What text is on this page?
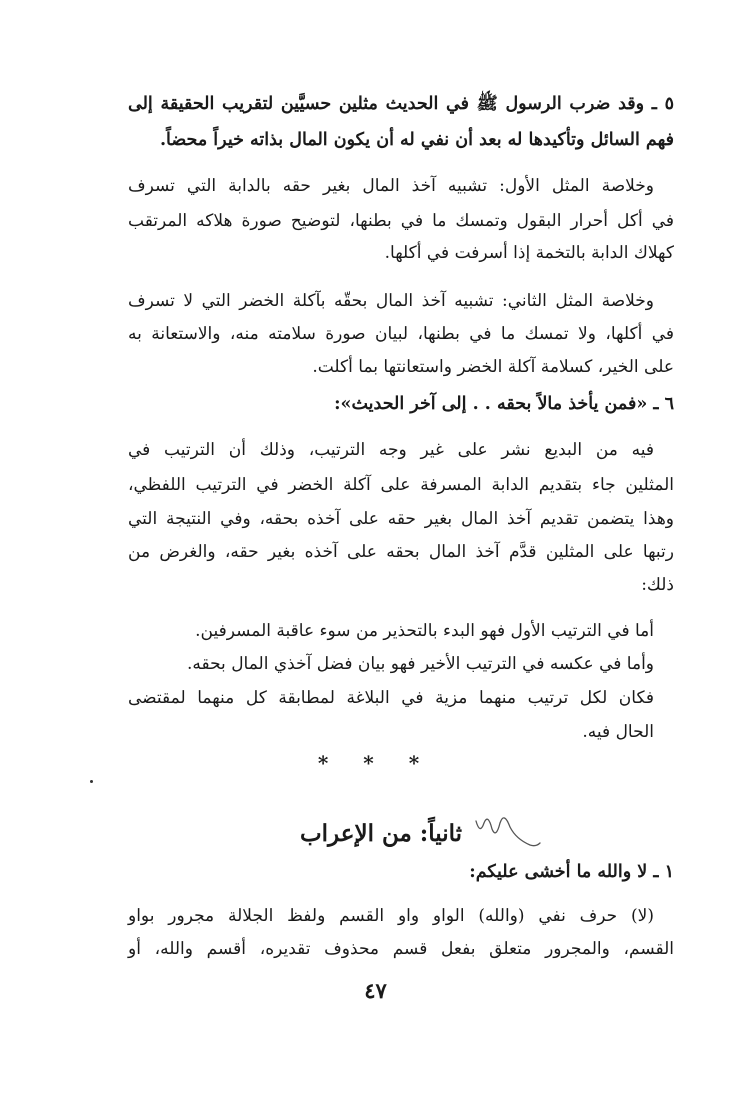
٥ ـ وقد ضرب الرسول ﷺ في الحديث مثلين حسيَّين لتقريب الحقيقة إلى
فهم السائل وتأكيدها له بعد أن نفي له أن يكون المال بذاته خيراً محضاً.
وخلاصة المثل الأول: تشبيه آخذ المال بغير حقه بالدابة التي تسرف
في أكل أحرار البقول وتمسك ما في بطنها، لتوضيح صورة هلاكه المرتقب
كهلاك الدابة بالتخمة إذا أسرفت في أكلها.
وخلاصة المثل الثاني: تشبيه آخذ المال بحقّه بآكلة الخضر التي لا تسرف
في أكلها، ولا تمسك ما في بطنها، لبيان صورة سلامته منه، والاستعانة به
على الخير، كسلامة آكلة الخضر واستعانتها بما أكلت.
٦ ـ «فمن يأخذ مالاً بحقه . . إلى آخر الحديث»:
فيه من البديع نشر على غير وجه الترتيب، وذلك أن الترتيب في
المثلين جاء بتقديم الدابة المسرفة على آكلة الخضر في الترتيب اللفظي،
وهذا يتضمن تقديم آخذ المال بغير حقه على آخذه بحقه، وفي النتيجة التي
رتبها على المثلين قدَّم آخذ المال بحقه على آخذه بغير حقه، والغرض من
ذلك:
أما في الترتيب الأول فهو البدء بالتحذير من سوء عاقبة المسرفين.
وأما في عكسه في الترتيب الأخير فهو بيان فضل آخذي المال بحقه.
فكان لكل ترتيب منهما مزية في البلاغة لمطابقة كل منهما لمقتضى
الحال فيه.
١ ـ لا والله ما أخشى عليكم:
(لا) حرف نفي (والله) الواو واو القسم ولفظ الجلالة مجرور بواو
القسم، والمجرور متعلق بفعل قسم محذوف تقديره، أقسم والله، أو
* * *
ثانياً: من الإعراب
٤٧
